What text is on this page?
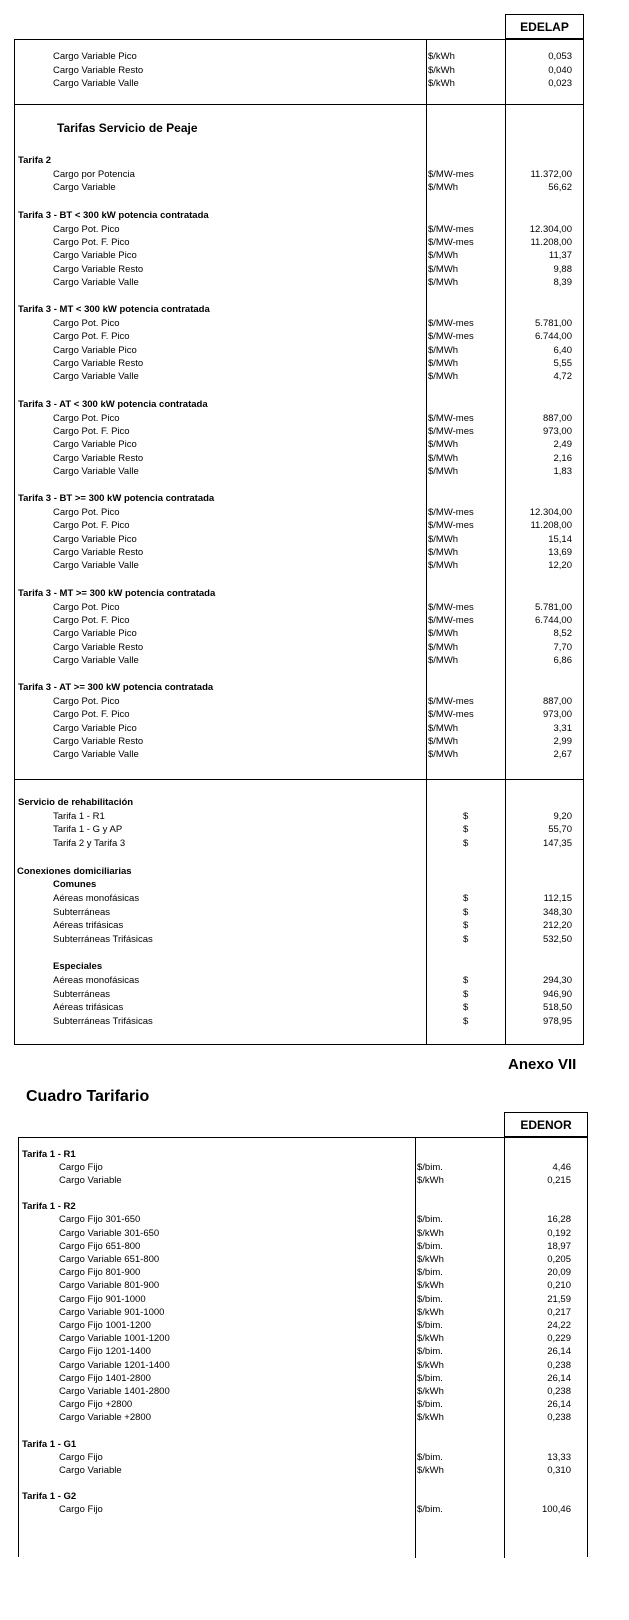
EDELAP
Cargo Variable Pico	$/kWh	0,053
Cargo Variable Resto	$/kWh	0,040
Cargo Variable Valle	$/kWh	0,023
Tarifas Servicio de Peaje
Tarifa 2
Cargo por Potencia	$/MW-mes	11.372,00
Cargo Variable	$/MWh	56,62
Tarifa 3 - BT < 300 kW potencia contratada
Cargo Pot. Pico	$/MW-mes	12.304,00
Cargo Pot. F. Pico	$/MW-mes	11.208,00
Cargo Variable Pico	$/MWh	11,37
Cargo Variable Resto	$/MWh	9,88
Cargo Variable Valle	$/MWh	8,39
Tarifa 3 - MT < 300 kW potencia contratada
Cargo Pot. Pico	$/MW-mes	5.781,00
Cargo Pot. F. Pico	$/MW-mes	6.744,00
Cargo Variable Pico	$/MWh	6,40
Cargo Variable Resto	$/MWh	5,55
Cargo Variable Valle	$/MWh	4,72
Tarifa 3 - AT < 300 kW potencia contratada
Cargo Pot. Pico	$/MW-mes	887,00
Cargo Pot. F. Pico	$/MW-mes	973,00
Cargo Variable Pico	$/MWh	2,49
Cargo Variable Resto	$/MWh	2,16
Cargo Variable Valle	$/MWh	1,83
Tarifa 3 - BT >= 300 kW potencia contratada
Cargo Pot. Pico	$/MW-mes	12.304,00
Cargo Pot. F. Pico	$/MW-mes	11.208,00
Cargo Variable Pico	$/MWh	15,14
Cargo Variable Resto	$/MWh	13,69
Cargo Variable Valle	$/MWh	12,20
Tarifa 3 - MT >= 300 kW potencia contratada
Cargo Pot. Pico	$/MW-mes	5.781,00
Cargo Pot. F. Pico	$/MW-mes	6.744,00
Cargo Variable Pico	$/MWh	8,52
Cargo Variable Resto	$/MWh	7,70
Cargo Variable Valle	$/MWh	6,86
Tarifa 3 - AT >= 300 kW potencia contratada
Cargo Pot. Pico	$/MW-mes	887,00
Cargo Pot. F. Pico	$/MW-mes	973,00
Cargo Variable Pico	$/MWh	3,31
Cargo Variable Resto	$/MWh	2,99
Cargo Variable Valle	$/MWh	2,67
Servicio de rehabilitación
Tarifa 1 - R1	$	9,20
Tarifa 1 - G y AP	$	55,70
Tarifa 2 y Tarifa 3	$	147,35
Conexiones domiciliarias
Comunes
Aéreas monofásicas	$	112,15
Subterráneas	$	348,30
Aéreas trifásicas	$	212,20
Subterráneas Trifásicas	$	532,50
Especiales
Aéreas monofásicas	$	294,30
Subterráneas	$	946,90
Aéreas trifásicas	$	518,50
Subterráneas Trifásicas	$	978,95
Anexo VII
Cuadro Tarifario
EDENOR
Tarifa 1 - R1
Cargo Fijo	$/bim.	4,46
Cargo Variable	$/kWh	0,215
Tarifa 1 - R2
Cargo Fijo 301-650	$/bim.	16,28
Cargo Variable 301-650	$/kWh	0,192
Cargo Fijo 651-800	$/bim.	18,97
Cargo Variable 651-800	$/kWh	0,205
Cargo Fijo 801-900	$/bim.	20,09
Cargo Variable 801-900	$/kWh	0,210
Cargo Fijo 901-1000	$/bim.	21,59
Cargo Variable 901-1000	$/kWh	0,217
Cargo Fijo 1001-1200	$/bim.	24,22
Cargo Variable 1001-1200	$/kWh	0,229
Cargo Fijo 1201-1400	$/bim.	26,14
Cargo Variable 1201-1400	$/kWh	0,238
Cargo Fijo 1401-2800	$/bim.	26,14
Cargo Variable 1401-2800	$/kWh	0,238
Cargo Fijo +2800	$/bim.	26,14
Cargo Variable +2800	$/kWh	0,238
Tarifa 1 - G1
Cargo Fijo	$/bim.	13,33
Cargo Variable	$/kWh	0,310
Tarifa 1 - G2
Cargo Fijo	$/bim.	100,46
